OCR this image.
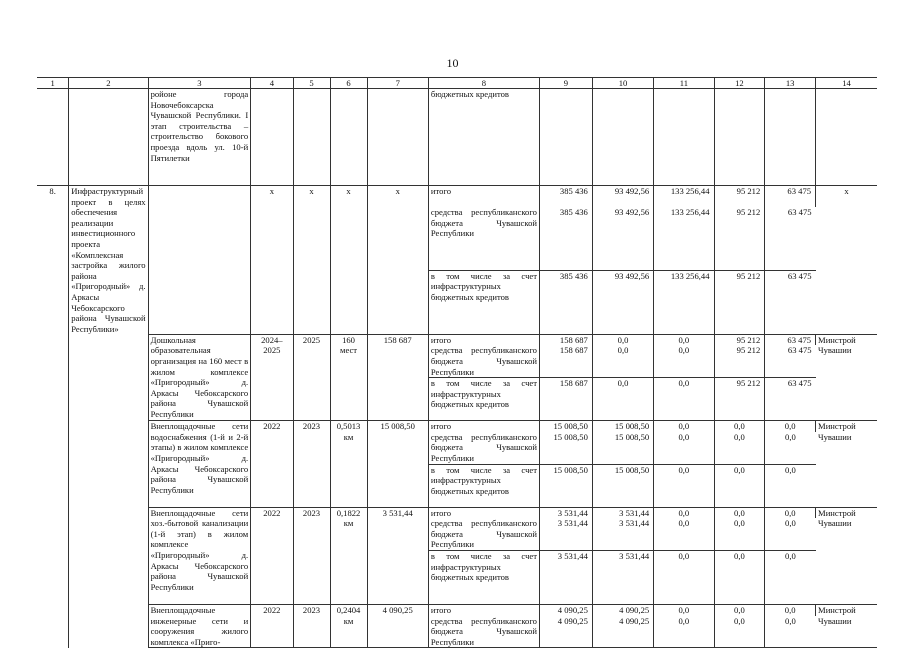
10
1	2	3	4	5	6	7	8	9	10	11	12	13	14
		ройоне города Новочебоксарска Чувашской Республики. I этап строительства – строительство бокового проезда вдоль ул. 10-й Пятилетки					бюджетных кредитов						
8.	Инфраструктурный проект в целях обеспечения реализации инвестиционного проекта «Комплексная застройка жилого района «Пригородный» д. Аркасы Чебоксарского района Чувашской Республики»		х	х	х	х	итого	385 436	93 492,56	133 256,44	95 212	63 475	х
							средства республиканского бюджета Чувашской Республики	385 436	93 492,56	133 256,44	95 212	63 475	
							в том числе за счет инфраструктурных бюджетных кредитов	385 436	93 492,56	133 256,44	95 212	63 475	
		Дошкольная образовательная организация на 160 мест в жилом комплексе «Пригородный» д. Аркасы Чебоксарского района Чувашской Республики	2024–2025	2025	160 мест	158 687	итого	158 687	0,0	0,0	95 212	63 475	Минстрой Чувашии
							средства республиканского бюджета Чувашской Республики	158 687	0,0	0,0	95 212	63 475	
							в том числе за счет инфраструктурных бюджетных кредитов	158 687	0,0	0,0	95 212	63 475	
		Внеплощадочные сети водоснабжения (1-й и 2-й этапы) в жилом комплексе «Пригородный» д. Аркасы Чебоксарского района Чувашской Республики	2022	2023	0,5013 км	15 008,50	итого	15 008,50	15 008,50	0,0	0,0	0,0	Минстрой Чувашии
							средства республиканского бюджета Чувашской Республики	15 008,50	15 008,50	0,0	0,0	0,0	
							в том числе за счет инфраструктурных бюджетных кредитов	15 008,50	15 008,50	0,0	0,0	0,0	
		Внеплощадочные сети хоз.-бытовой канализации (1-й этап) в жилом комплексе «Пригородный» д. Аркасы Чебоксарского района Чувашской Республики	2022	2023	0,1822 км	3 531,44	итого	3 531,44	3 531,44	0,0	0,0	0,0	Минстрой Чувашии
							средства республиканского бюджета Чувашской Республики	3 531,44	3 531,44	0,0	0,0	0,0	
							в том числе за счет инфраструктурных бюджетных кредитов	3 531,44	3 531,44	0,0	0,0	0,0	
		Внеплощадочные инженерные сети и сооружения жилого комплекса «Приго-	2022	2023	0,2404 км	4 090,25	итого	4 090,25	4 090,25	0,0	0,0	0,0	Минстрой Чувашии
							средства республиканского бюджета Чувашской Республики	4 090,25	4 090,25	0,0	0,0	0,0	
